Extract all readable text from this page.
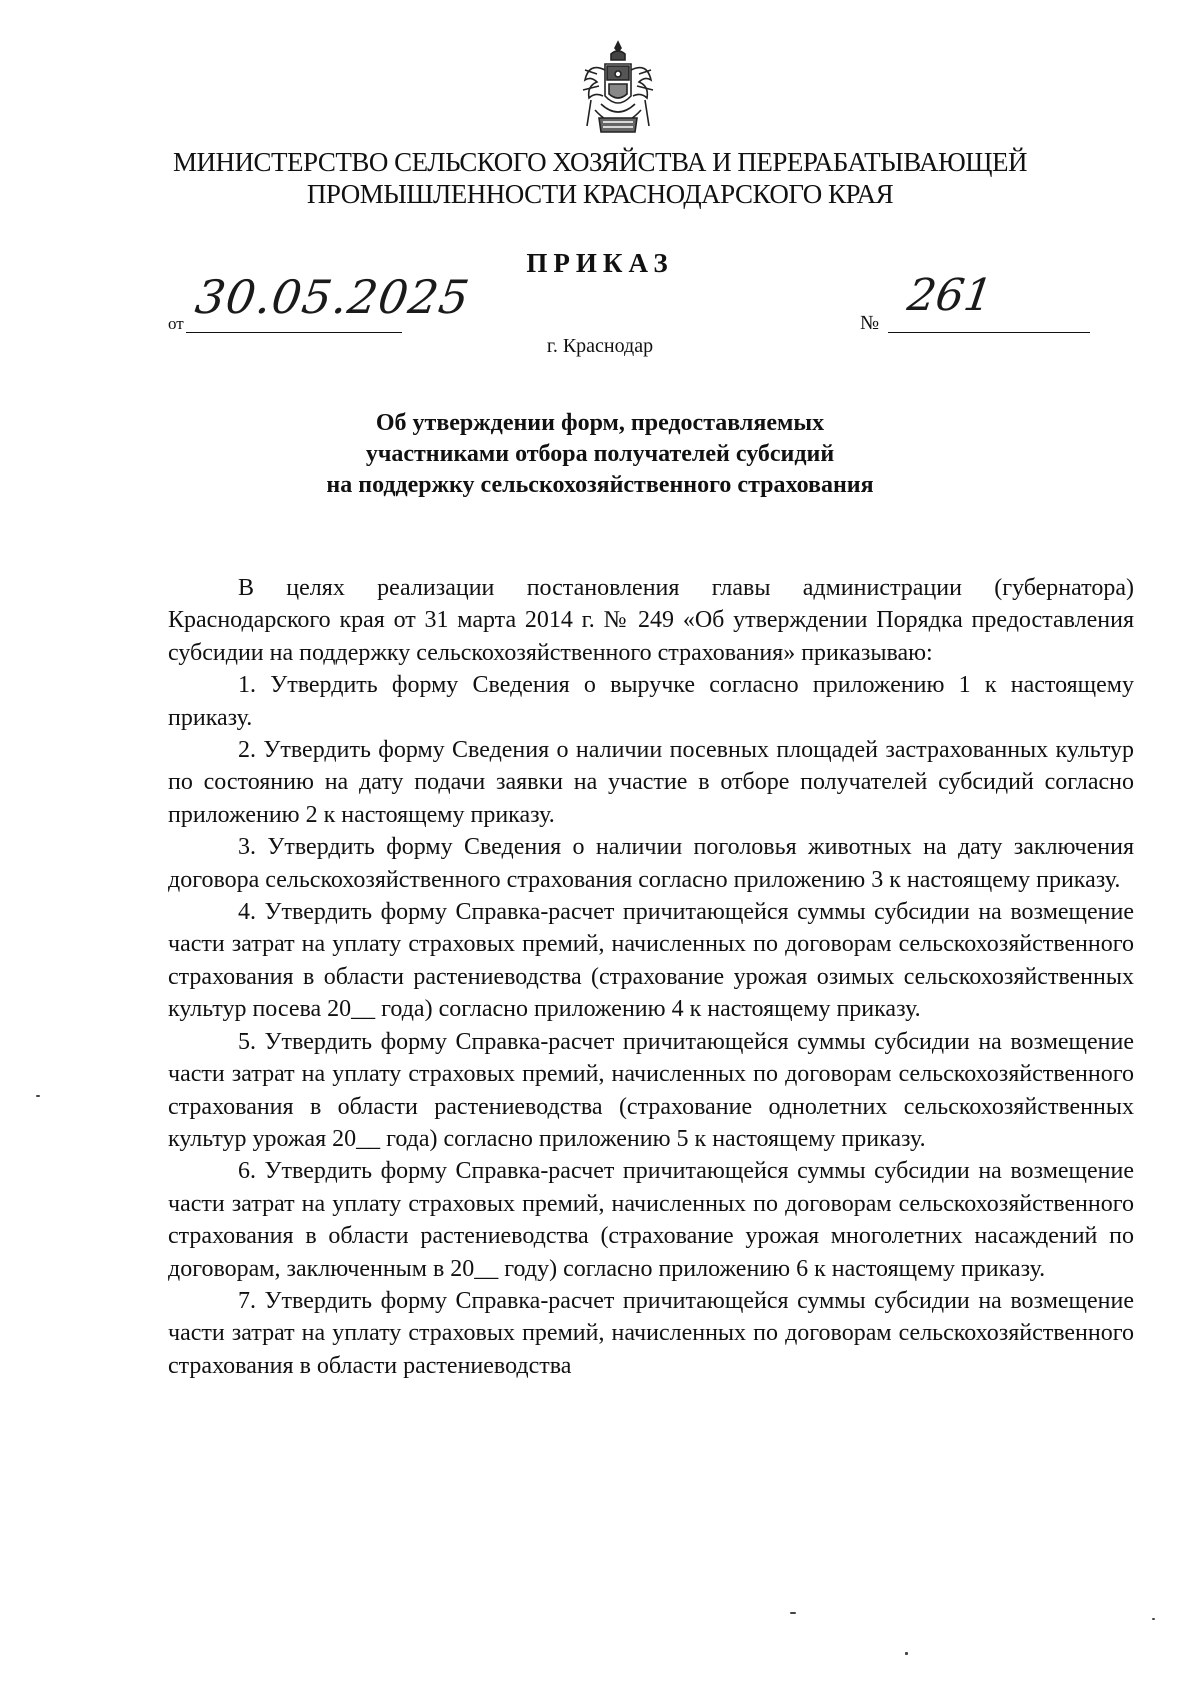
МИНИСТЕРСТВО СЕЛЬСКОГО ХОЗЯЙСТВА И ПЕРЕРАБАТЫВАЮЩЕЙ
ПРОМЫШЛЕННОСТИ КРАСНОДАРСКОГО КРАЯ
ПРИКАЗ
от 30.05.2025	№
261
г. Краснодар
Об утверждении форм, предоставляемых
участниками отбора получателей субсидий
на поддержку сельскохозяйственного страхования

В целях реализации постановления главы администрации (губернатора) Краснодарского края от 31 марта 2014 г. № 249 «Об утверждении Порядка предоставления субсидии на поддержку сельскохозяйственного страхования» приказываю:

1. Утвердить форму Сведения о выручке согласно приложению 1 к настоящему приказу.

2. Утвердить форму Сведения о наличии посевных площадей застрахованных культур по состоянию на дату подачи заявки на участие в отборе получателей субсидий согласно приложению 2 к настоящему приказу.

3. Утвердить форму Сведения о наличии поголовья животных на дату заключения договора сельскохозяйственного страхования согласно приложению 3 к настоящему приказу.

4. Утвердить форму Справка-расчет причитающейся суммы субсидии на возмещение части затрат на уплату страховых премий, начисленных по договорам сельскохозяйственного страхования в области растениеводства (страхование урожая озимых сельскохозяйственных культур посева 20__ года) согласно приложению 4 к настоящему приказу.

5. Утвердить форму Справка-расчет причитающейся суммы субсидии на возмещение части затрат на уплату страховых премий, начисленных по договорам сельскохозяйственного страхования в области растениеводства (страхование однолетних сельскохозяйственных культур урожая 20__ года) согласно приложению 5 к настоящему приказу.

6. Утвердить форму Справка-расчет причитающейся суммы субсидии на возмещение части затрат на уплату страховых премий, начисленных по договорам сельскохозяйственного страхования в области растениеводства (страхование урожая многолетних насаждений по договорам, заключенным в 20__ году) согласно приложению 6 к настоящему приказу.

7. Утвердить форму Справка-расчет причитающейся суммы субсидии на возмещение части затрат на уплату страховых премий, начисленных по договорам сельскохозяйственного страхования в области растениеводства
